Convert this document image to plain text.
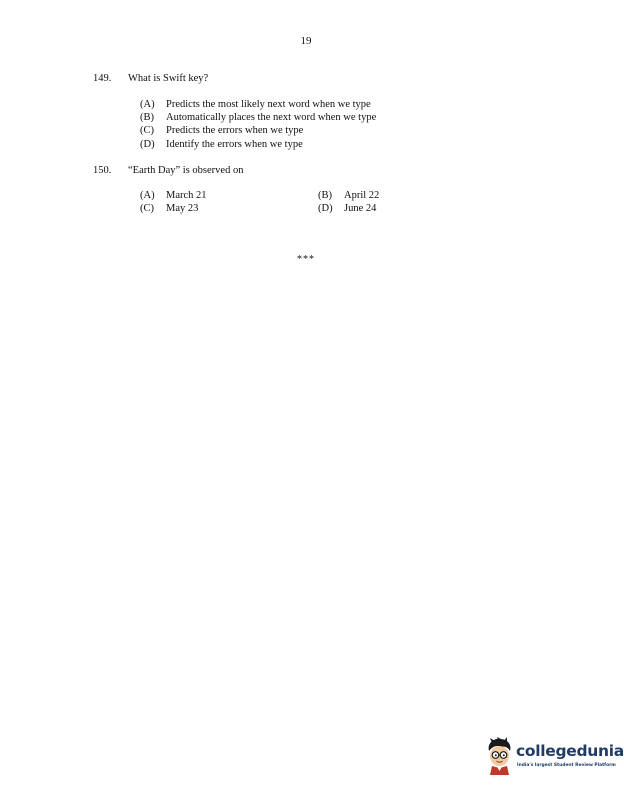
19
149. What is Swift key?
(A) Predicts the most likely next word when we type
(B) Automatically places the next word when we type
(C) Predicts the errors when we type
(D) Identify the errors when we type
150. “Earth Day” is observed on
(A) March 21	(B) April 22
(C) May 23	(D) June 24
***
collegedunia
India's largest Student Review Platform
